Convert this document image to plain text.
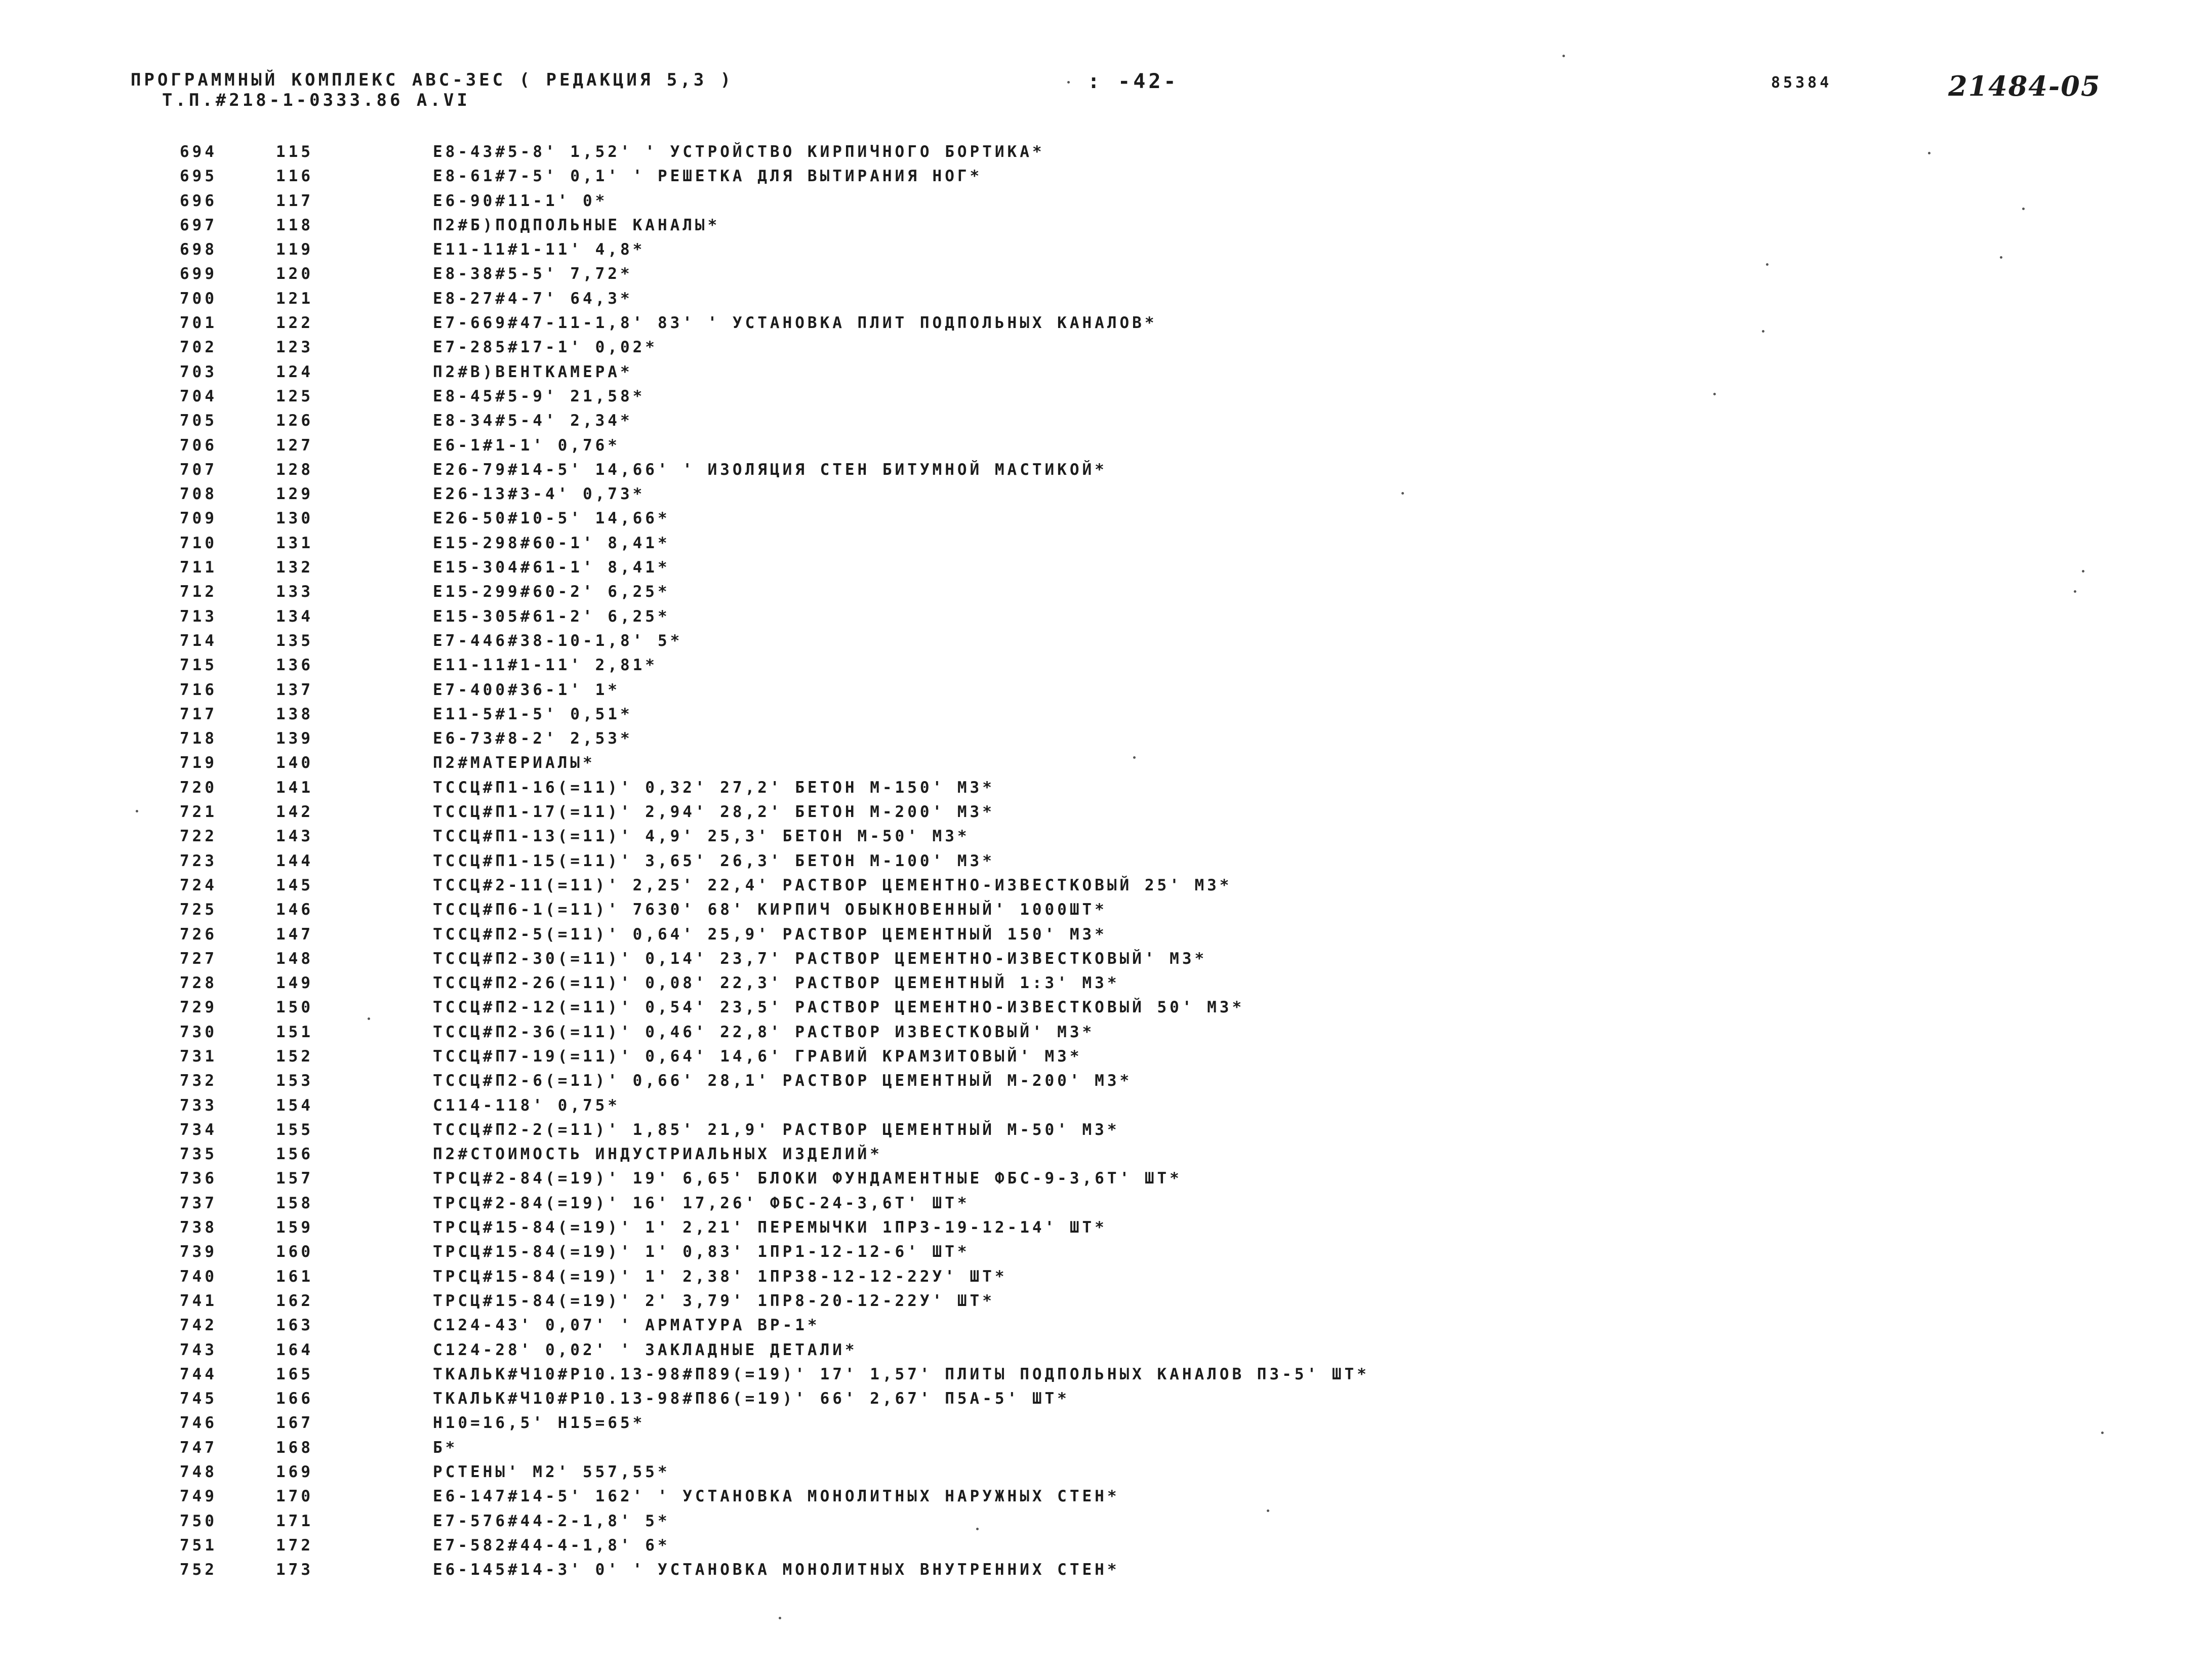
ПРОГРАММНЫЙ КОМПЛЕКС АВС-3ЕС ( РЕДАКЦИЯ 5,3 )
Т.П.#218-1-0333.86 А.VI
: -42-	85384	21484-05
694	115	Е8-43#5-8' 1,52' ' УСТРОЙСТВО КИРПИЧНОГО БОРТИКА*
695	116	Е8-61#7-5' 0,1' ' РЕШЕТКА ДЛЯ ВЫТИРАНИЯ НОГ*
696	117	Е6-90#11-1' 0*
697	118	П2#Б)ПОДПОЛЬНЫЕ КАНАЛЫ*
698	119	Е11-11#1-11' 4,8*
699	120	Е8-38#5-5' 7,72*
700	121	Е8-27#4-7' 64,3*
701	122	Е7-669#47-11-1,8' 83' ' УСТАНОВКА ПЛИТ ПОДПОЛЬНЫХ КАНАЛОВ*
702	123	Е7-285#17-1' 0,02*
703	124	П2#В)ВЕНТКАМЕРА*
704	125	Е8-45#5-9' 21,58*
705	126	Е8-34#5-4' 2,34*
706	127	Е6-1#1-1' 0,76*
707	128	Е26-79#14-5' 14,66' ' ИЗОЛЯЦИЯ СТЕН БИТУМНОЙ МАСТИКОЙ*
708	129	Е26-13#3-4' 0,73*
709	130	Е26-50#10-5' 14,66*
710	131	Е15-298#60-1' 8,41*
711	132	Е15-304#61-1' 8,41*
712	133	Е15-299#60-2' 6,25*
713	134	Е15-305#61-2' 6,25*
714	135	Е7-446#38-10-1,8' 5*
715	136	Е11-11#1-11' 2,81*
716	137	Е7-400#36-1' 1*
717	138	Е11-5#1-5' 0,51*
718	139	Е6-73#8-2' 2,53*
719	140	П2#МАТЕРИАЛЫ*
720	141	ТССЦ#П1-16(=11)' 0,32' 27,2' БЕТОН М-150' М3*
721	142	ТССЦ#П1-17(=11)' 2,94' 28,2' БЕТОН М-200' М3*
722	143	ТССЦ#П1-13(=11)' 4,9' 25,3' БЕТОН М-50' М3*
723	144	ТССЦ#П1-15(=11)' 3,65' 26,3' БЕТОН М-100' М3*
724	145	ТССЦ#2-11(=11)' 2,25' 22,4' РАСТВОР ЦЕМЕНТНО-ИЗВЕСТКОВЫЙ 25' М3*
725	146	ТССЦ#П6-1(=11)' 7630' 68' КИРПИЧ ОБЫКНОВЕННЫЙ' 1000ШТ*
726	147	ТССЦ#П2-5(=11)' 0,64' 25,9' РАСТВОР ЦЕМЕНТНЫЙ 150' М3*
727	148	ТССЦ#П2-30(=11)' 0,14' 23,7' РАСТВОР ЦЕМЕНТНО-ИЗВЕСТКОВЫЙ' М3*
728	149	ТССЦ#П2-26(=11)' 0,08' 22,3' РАСТВОР ЦЕМЕНТНЫЙ 1:3' М3*
729	150	ТССЦ#П2-12(=11)' 0,54' 23,5' РАСТВОР ЦЕМЕНТНО-ИЗВЕСТКОВЫЙ 50' М3*
730	151	ТССЦ#П2-36(=11)' 0,46' 22,8' РАСТВОР ИЗВЕСТКОВЫЙ' М3*
731	152	ТССЦ#П7-19(=11)' 0,64' 14,6' ГРАВИЙ КРАМЗИТОВЫЙ' М3*
732	153	ТССЦ#П2-6(=11)' 0,66' 28,1' РАСТВОР ЦЕМЕНТНЫЙ М-200' М3*
733	154	С114-118' 0,75*
734	155	ТССЦ#П2-2(=11)' 1,85' 21,9' РАСТВОР ЦЕМЕНТНЫЙ М-50' М3*
735	156	П2#СТОИМОСТЬ ИНДУСТРИАЛЬНЫХ ИЗДЕЛИЙ*
736	157	ТРСЦ#2-84(=19)' 19' 6,65' БЛОКИ ФУНДАМЕНТНЫЕ ФБС-9-3,6Т' ШТ*
737	158	ТРСЦ#2-84(=19)' 16' 17,26' ФБС-24-3,6Т' ШТ*
738	159	ТРСЦ#15-84(=19)' 1' 2,21' ПЕРЕМЫЧКИ 1ПР3-19-12-14' ШТ*
739	160	ТРСЦ#15-84(=19)' 1' 0,83' 1ПР1-12-12-6' ШТ*
740	161	ТРСЦ#15-84(=19)' 1' 2,38' 1ПР38-12-12-22У' ШТ*
741	162	ТРСЦ#15-84(=19)' 2' 3,79' 1ПР8-20-12-22У' ШТ*
742	163	С124-43' 0,07' ' АРМАТУРА ВР-1*
743	164	С124-28' 0,02' ' ЗАКЛАДНЫЕ ДЕТАЛИ*
744	165	ТКАЛЬК#Ч10#Р10.13-98#П89(=19)' 17' 1,57' ПЛИТЫ ПОДПОЛЬНЫХ КАНАЛОВ П3-5' ШТ*
745	166	ТКАЛЬК#Ч10#Р10.13-98#П86(=19)' 66' 2,67' П5А-5' ШТ*
746	167	Н10=16,5' Н15=65*
747	168	Б*
748	169	РСТЕНЫ' М2' 557,55*
749	170	Е6-147#14-5' 162' ' УСТАНОВКА МОНОЛИТНЫХ НАРУЖНЫХ СТЕН*
750	171	Е7-576#44-2-1,8' 5*
751	172	Е7-582#44-4-1,8' 6*
752	173	Е6-145#14-3' 0' ' УСТАНОВКА МОНОЛИТНЫХ ВНУТРЕННИХ СТЕН*
